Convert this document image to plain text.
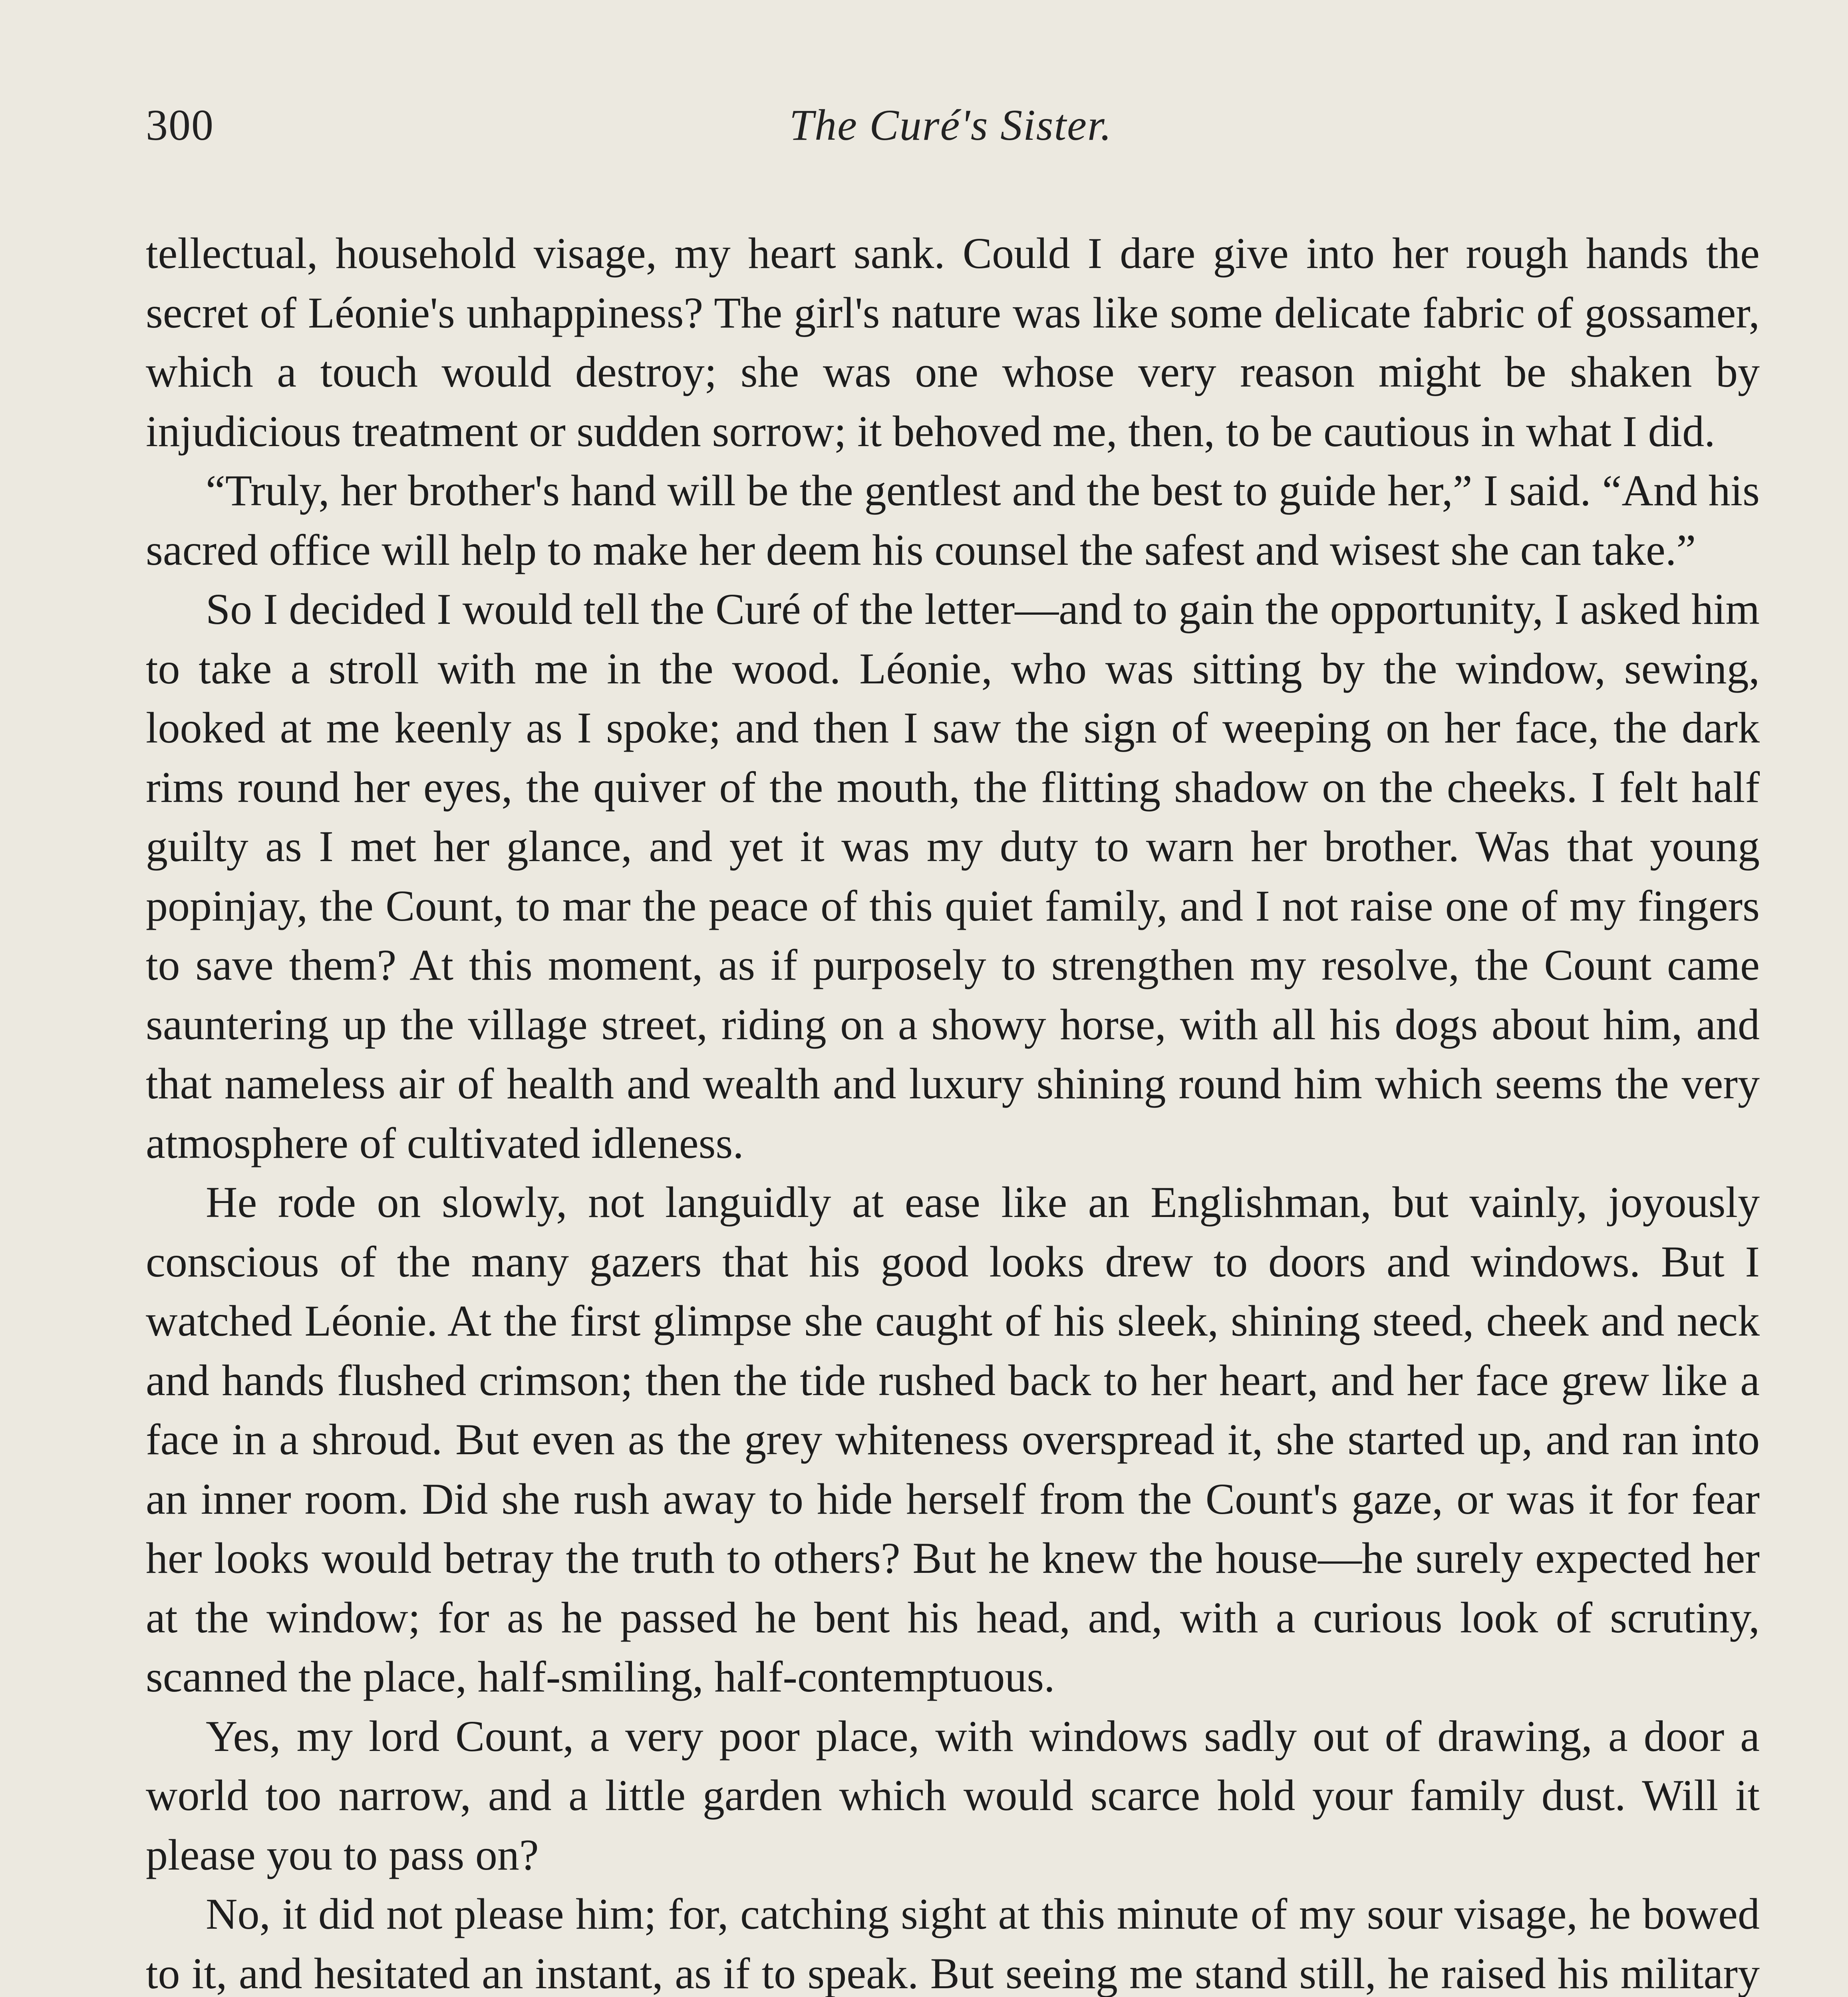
300	The Curé's Sister.

tellectual, household visage, my heart sank. Could I dare give into her rough hands the secret of Léonie's unhappiness? The girl's nature was like some delicate fabric of gossamer, which a touch would destroy; she was one whose very reason might be shaken by injudicious treatment or sudden sorrow; it behoved me, then, to be cautious in what I did.

“Truly, her brother's hand will be the gentlest and the best to guide her,” I said. “And his sacred office will help to make her deem his counsel the safest and wisest she can take.”

So I decided I would tell the Curé of the letter—and to gain the opportunity, I asked him to take a stroll with me in the wood. Léonie, who was sitting by the window, sewing, looked at me keenly as I spoke; and then I saw the sign of weeping on her face, the dark rims round her eyes, the quiver of the mouth, the flitting shadow on the cheeks. I felt half guilty as I met her glance, and yet it was my duty to warn her brother. Was that young popinjay, the Count, to mar the peace of this quiet family, and I not raise one of my fingers to save them? At this moment, as if purposely to strengthen my resolve, the Count came sauntering up the village street, riding on a showy horse, with all his dogs about him, and that nameless air of health and wealth and luxury shining round him which seems the very atmosphere of cultivated idleness.

He rode on slowly, not languidly at ease like an Englishman, but vainly, joyously conscious of the many gazers that his good looks drew to doors and windows. But I watched Léonie. At the first glimpse she caught of his sleek, shining steed, cheek and neck and hands flushed crimson; then the tide rushed back to her heart, and her face grew like a face in a shroud. But even as the grey whiteness overspread it, she started up, and ran into an inner room. Did she rush away to hide herself from the Count's gaze, or was it for fear her looks would betray the truth to others? But he knew the house—he surely expected her at the window; for as he passed he bent his head, and, with a curious look of scrutiny, scanned the place, half-smiling, half-contemptuous.

Yes, my lord Count, a very poor place, with windows sadly out of drawing, a door a world too narrow, and a little garden which would scarce hold your family dust. Will it please you to pass on?

No, it did not please him; for, catching sight at this minute of my sour visage, he bowed to it, and hesitated an instant, as if to speak. But seeing me stand still, he raised his military
